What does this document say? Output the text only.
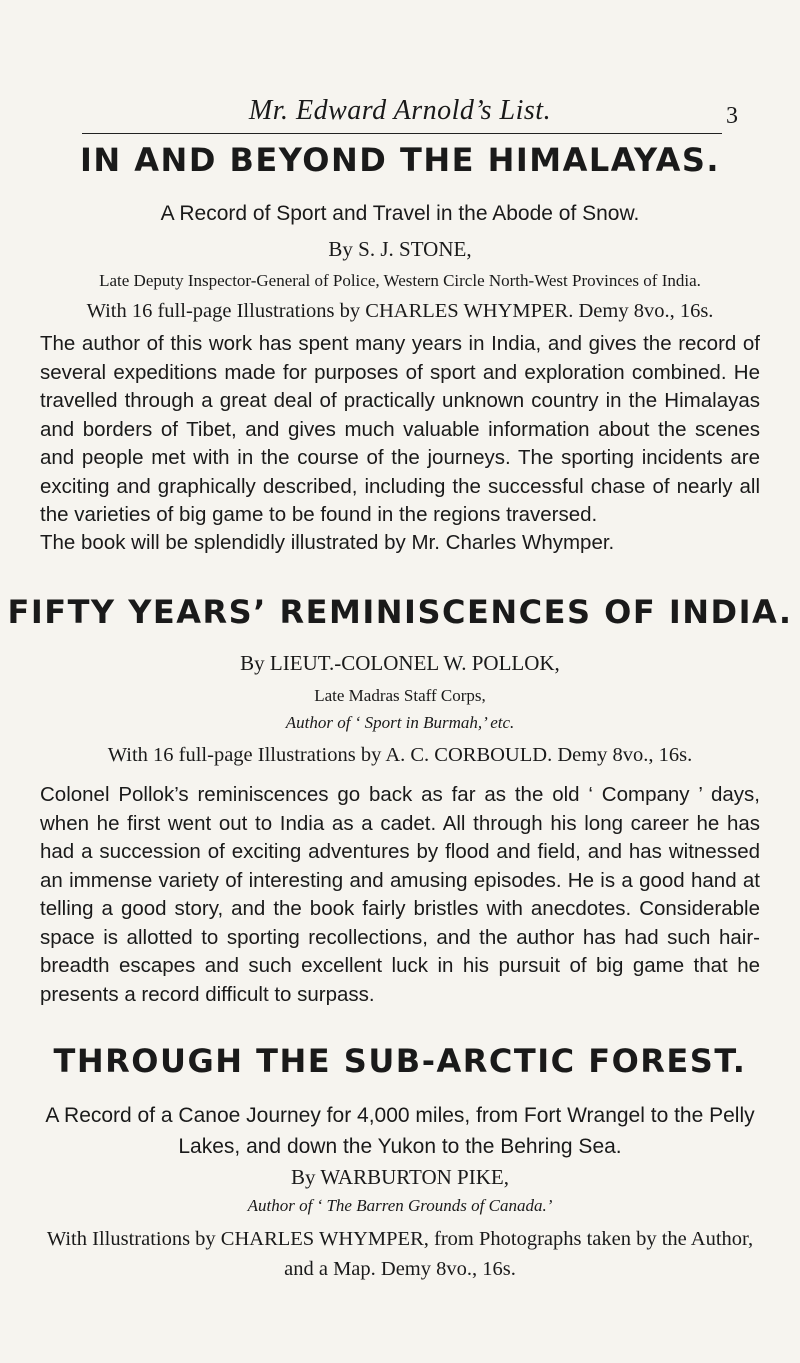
Mr. Edward Arnold’s List.	3
IN AND BEYOND THE HIMALAYAS.
A Record of Sport and Travel in the Abode of Snow.
By S. J. STONE,
Late Deputy Inspector-General of Police, Western Circle North-West Provinces of India.
With 16 full-page Illustrations by CHARLES WHYMPER. Demy 8vo., 16s.
The author of this work has spent many years in India, and gives the record of several expeditions made for purposes of sport and exploration combined. He travelled through a great deal of practically unknown country in the Himalayas and borders of Tibet, and gives much valuable information about the scenes and people met with in the course of the journeys. The sporting incidents are exciting and graphically described, including the successful chase of nearly all the varieties of big game to be found in the regions traversed.
The book will be splendidly illustrated by Mr. Charles Whymper.
FIFTY YEARS’ REMINISCENCES OF INDIA.
By LIEUT.-COLONEL W. POLLOK,
Late Madras Staff Corps,
Author of ‘ Sport in Burmah,’ etc.
With 16 full-page Illustrations by A. C. CORBOULD. Demy 8vo., 16s.
Colonel Pollok’s reminiscences go back as far as the old ‘ Company ’ days, when he first went out to India as a cadet. All through his long career he has had a succession of exciting adventures by flood and field, and has witnessed an immense variety of interesting and amusing episodes. He is a good hand at telling a good story, and the book fairly bristles with anecdotes. Considerable space is allotted to sporting recollections, and the author has had such hair-breadth escapes and such excellent luck in his pursuit of big game that he presents a record difficult to surpass.
THROUGH THE SUB-ARCTIC FOREST.
A Record of a Canoe Journey for 4,000 miles, from Fort Wrangel to the Pelly Lakes, and down the Yukon to the Behring Sea.
By WARBURTON PIKE,
Author of ‘ The Barren Grounds of Canada.’
With Illustrations by CHARLES WHYMPER, from Photographs taken by the Author, and a Map. Demy 8vo., 16s.
